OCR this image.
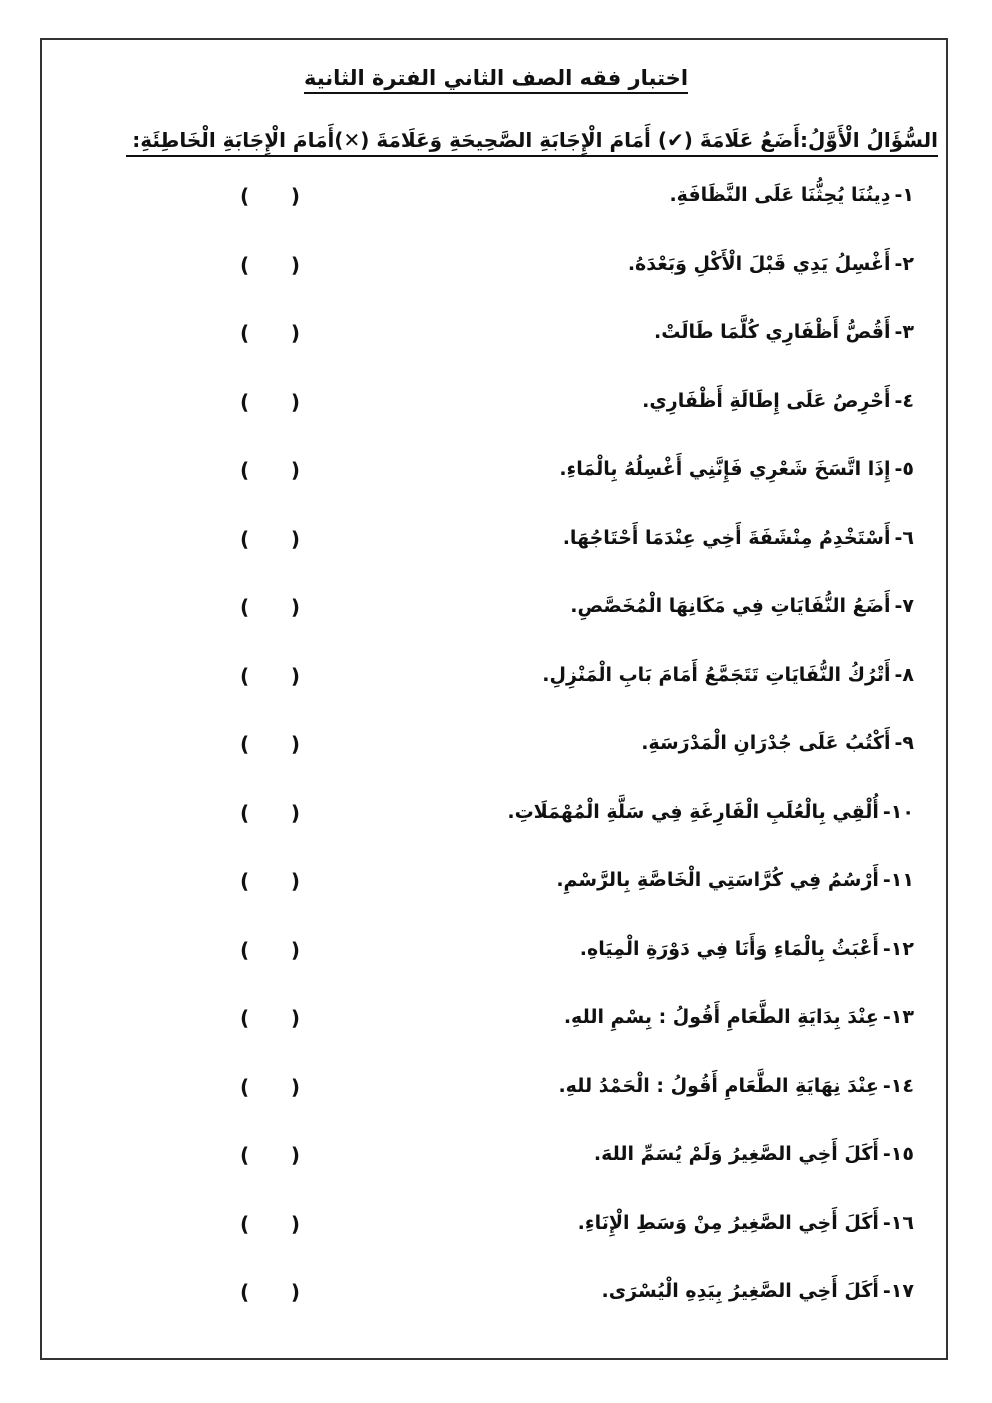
اختبار فقه الصف الثاني الفترة الثانية
السُّؤَالُ الْأَوَّلُ:أَضَعُ عَلَامَةَ (✔) أَمَامَ الْإِجَابَةِ الصَّحِيحَةِ وَعَلَامَةَ (✕)أَمَامَ الْإِجَابَةِ الْخَاطِئَةِ:
١-دِينُنَا يُحِثُّنَا عَلَى النَّظَافَةِ.
( )
٢-أَغْسِلُ يَدِي قَبْلَ الْأَكْلِ وَبَعْدَهُ.
( )
٣-أَقُصُّ أَظْفَارِي كُلَّمَا طَالَتْ.
( )
٤-أَحْرِصُ عَلَى إِطَالَةِ أَظْفَارِي.
( )
٥-إِذَا اتَّسَخَ شَعْرِي فَإِنَّنِي أَغْسِلُهُ بِالْمَاءِ.
( )
٦-أَسْتَخْدِمُ مِنْشَفَةَ أَخِي عِنْدَمَا أَحْتَاجُهَا.
( )
٧-أَضَعُ النُّفَايَاتِ فِي مَكَانِهَا الْمُخَصَّصِ.
( )
٨-أَتْرُكُ النُّفَايَاتِ تَتَجَمَّعُ أَمَامَ بَابِ الْمَنْزِلِ.
( )
٩-أَكْتُبُ عَلَى جُدْرَانِ الْمَدْرَسَةِ.
( )
١٠-أُلْقِي بِالْعُلَبِ الْفَارِغَةِ فِي سَلَّةِ الْمُهْمَلَاتِ.
( )
١١-أَرْسُمُ فِي كُرَّاسَتِي الْخَاصَّةِ بِالرَّسْمِ.
( )
١٢-أَعْبَثُ بِالْمَاءِ وَأَنَا فِي دَوْرَةِ الْمِيَاهِ.
( )
١٣-عِنْدَ بِدَايَةِ الطَّعَامِ أَقُولُ : بِسْمِ اللهِ.
( )
١٤-عِنْدَ نِهَايَةِ الطَّعَامِ أَقُولُ : الْحَمْدُ للهِ.
( )
١٥-أَكَلَ أَخِي الصَّغِيرُ وَلَمْ يُسَمِّ اللهَ.
( )
١٦-أَكَلَ أَخِي الصَّغِيرُ مِنْ وَسَطِ الْإِنَاءِ.
( )
١٧-أَكَلَ أَخِي الصَّغِيرُ بِيَدِهِ الْيُسْرَى.
( )
